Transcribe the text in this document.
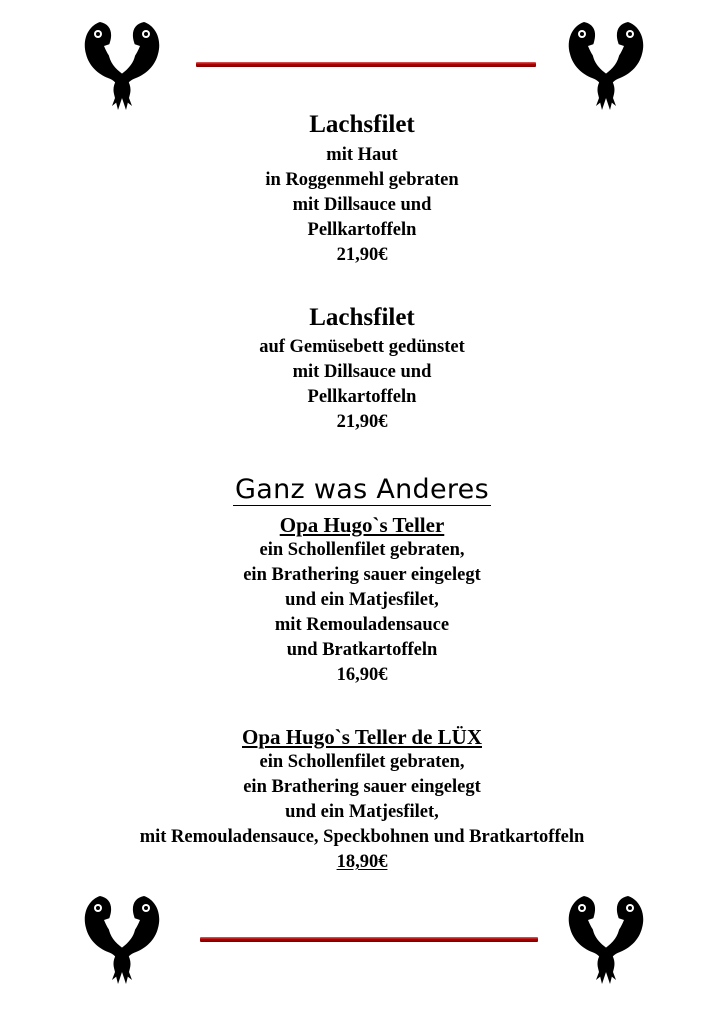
Lachsfilet
mit Haut
in Roggenmehl gebraten
mit Dillsauce und
Pellkartoffeln
21,90€
Lachsfilet
auf Gemüsebett gedünstet
mit Dillsauce und
Pellkartoffeln
21,90€
Ganz was Anderes
Opa Hugo`s Teller
ein Schollenfilet gebraten,
ein Brathering sauer eingelegt
und ein Matjesfilet,
mit Remouladensauce
und Bratkartoffeln
16,90€
Opa Hugo`s Teller de LÜX
ein Schollenfilet gebraten,
ein Brathering sauer eingelegt
und ein Matjesfilet,
mit Remouladensauce, Speckbohnen und Bratkartoffeln
18,90€
